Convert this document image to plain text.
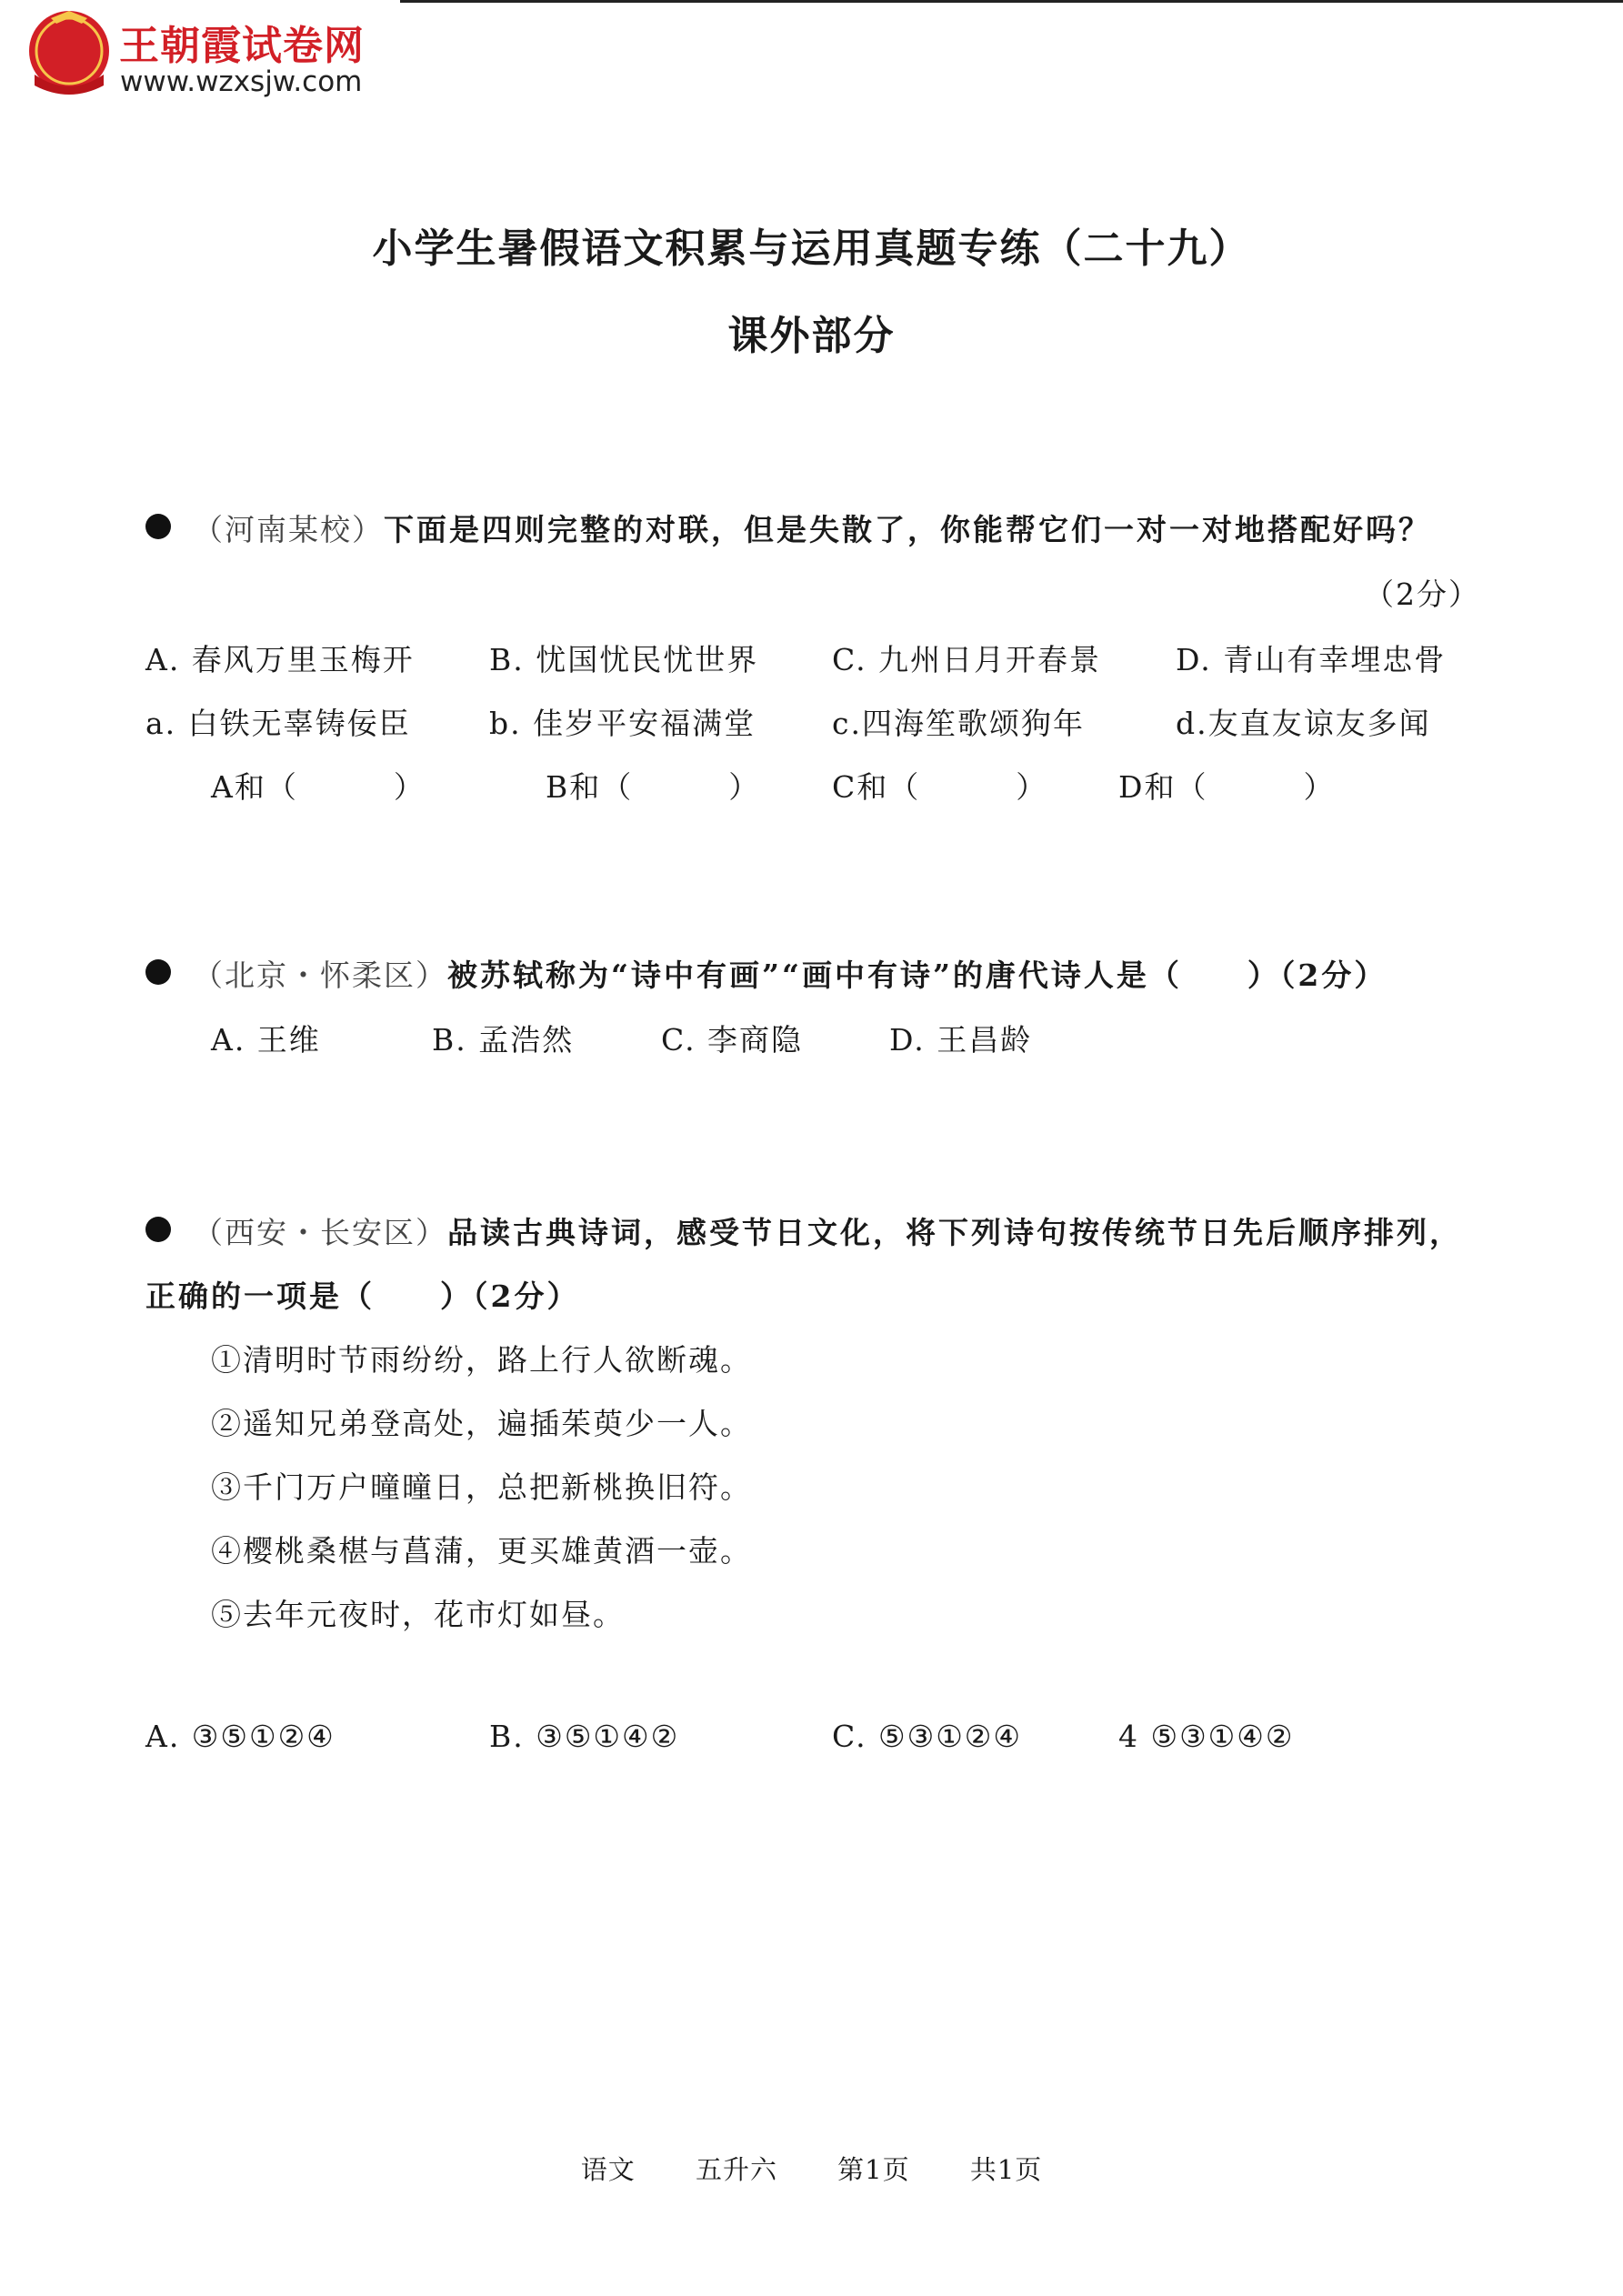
王朝霞试卷网
www.wzxsjw.com
小学生暑假语文积累与运用真题专练（二十九）
课外部分
（河南某校）下面是四则完整的对联，但是失散了，你能帮它们一对一对地搭配好吗？
（2分）
A. 春风万里玉梅开 B. 忧国忧民忧世界 C. 九州日月开春景 D. 青山有幸埋忠骨
a. 白铁无辜铸佞臣	b. 佳岁平安福满堂	c.四海笙歌颂狗年	d.友直友谅友多闻
A和（　　　）	B和（　　　） C和（　　　） D和（　　　）
（北京・怀柔区）被苏轼称为“诗中有画”“画中有诗”的唐代诗人是（　　）（2分）
A. 王维	B. 孟浩然	C. 李商隐	D. 王昌龄
（西安・长安区）品读古典诗词，感受节日文化，将下列诗句按传统节日先后顺序排列，
正确的一项是（　　）（2分）
①清明时节雨纷纷，路上行人欲断魂。
②遥知兄弟登高处，遍插茱萸少一人。
③千门万户曈曈日，总把新桃换旧符。
④樱桃桑椹与菖蒲，更买雄黄酒一壶。
⑤去年元夜时，花市灯如昼。
A. ③⑤①②④	B. ③⑤①④②	C. ⑤③①②④	4 ⑤③①④②
语文 五升六 第1页 共1页
